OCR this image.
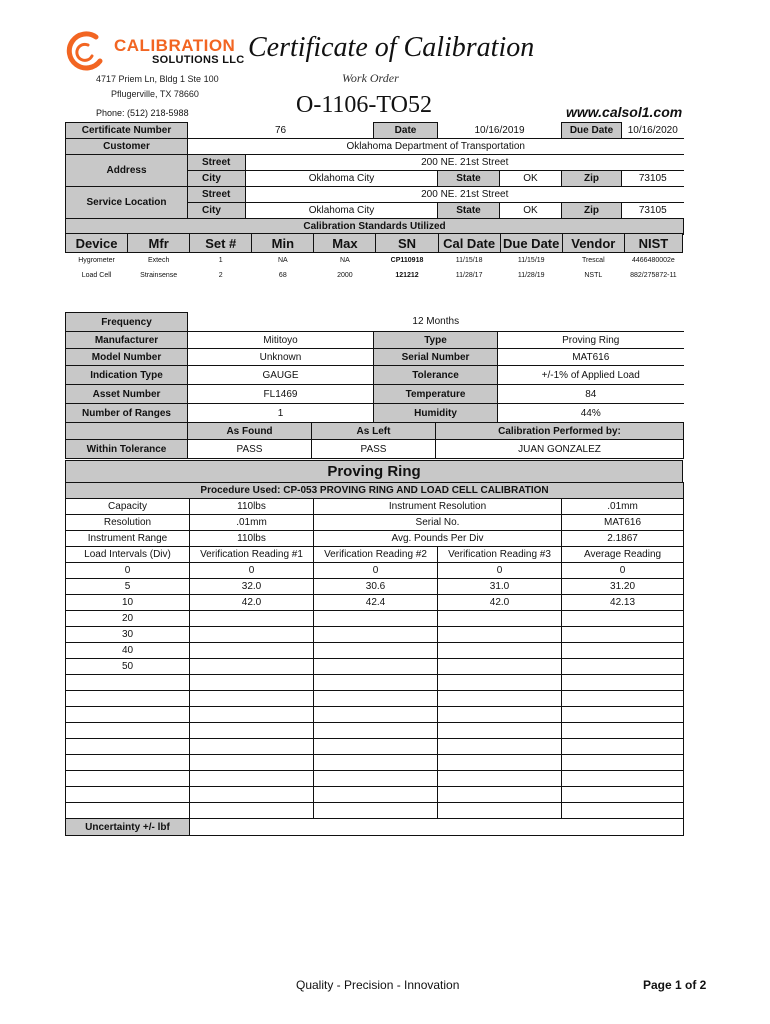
CALIBRATION
SOLUTIONS LLC Certificate of Calibration
Work Order
4717 Priem Ln, Bldg 1 Ste 100
Pflugerville, TX 78660	O-1106-TO52
Phone: (512) 218-5988	www.calsol1.com
Certificate Number	76		Date	10/16/2019		Due Date	10/16/2020
Customer	Oklahoma Department of Transportation						
Address	Street	200 NE. 21st Street					
	City	Oklahoma City		State	OK	Zip	73105
Service Location	Street	200 NE. 21st Street					
	City	Oklahoma City		State	OK	Zip	73105
Calibration Standards Utilized							
Device	Mfr	Set #	Min	Max	SN	Cal Date	Due Date	Vendor	NIST
Hygrometer	Extech	1	NA	NA	CP110918	11/15/18	11/15/19	Trescal	4466480002e
Load Cell	Strainsense	2	68	2000	121212	11/28/17	11/28/19	NSTL	882/275872-11

Frequency	12 Months		
Manufacturer	Mititoyo	Type	Proving Ring
Model Number	Unknown	Serial Number	MAT616
Indication Type	GAUGE	Tolerance	+/-1% of Applied Load
Asset Number	FL1469	Temperature	84
Number of Ranges	1	Humidity	44%
	As Found	As Left	Calibration Performed by:
Within Tolerance	PASS	PASS	JUAN GONZALEZ
Proving Ring
Procedure Used: CP-053 PROVING RING AND LOAD CELL CALIBRATION				
Capacity	110lbs	Instrument Resolution		.01mm
Resolution	.01mm	Serial No.		MAT616
Instrument Range	110lbs	Avg. Pounds Per Div		2.1867
Load Intervals (Div)	Verification Reading #1	Verification Reading #2	Verification Reading #3	Average Reading
0	0	0	0	0
5	32.0	30.6	31.0	31.20
10	42.0	42.4	42.0	42.13
20				
30				
40				
50				

Uncertainty +/- lbf				
Quality - Precision - Innovation	Page 1 of 2
